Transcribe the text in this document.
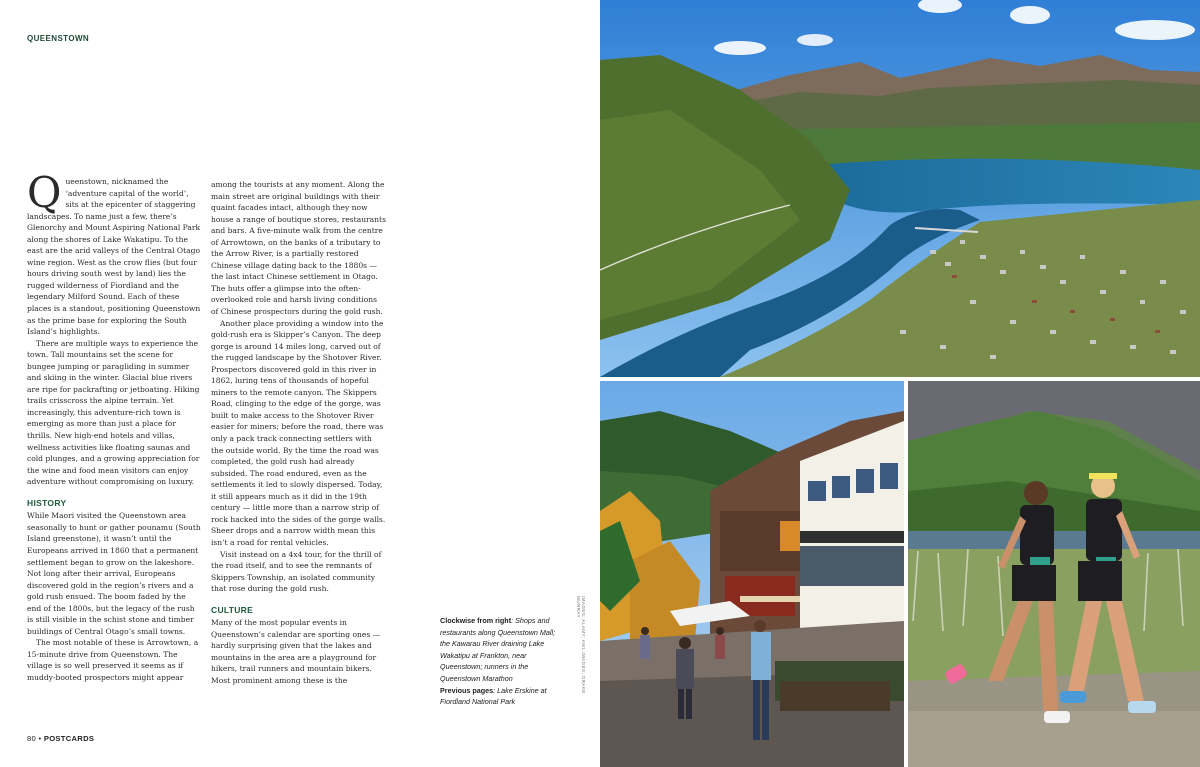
QUEENSTOWN

Queenstown, nicknamed the ‘adventure capital of the world’, sits at the epicenter of staggering landscapes. To name just a few, there’s Glenorchy and Mount Aspiring National Park along the shores of Lake Wakatipu. To the east are the arid valleys of the Central Otago wine region. West as the crow flies (but four hours driving south west by land) lies the rugged wilderness of Fiordland and the legendary Milford Sound. Each of these places is a standout, positioning Queenstown as the prime base for exploring the South Island’s highlights.

There are multiple ways to experience the town. Tall mountains set the scene for bungee jumping or paragliding in summer and skiing in the winter. Glacial blue rivers are ripe for packrafting or jetboating. Hiking trails crisscross the alpine terrain. Yet increasingly, this adventure-rich town is emerging as more than just a place for thrills. New high-end hotels and villas, wellness activities like floating saunas and cold plunges, and a growing appreciation for the wine and food mean visitors can enjoy adventure without compromising on luxury.

HISTORY

While Maori visited the Queenstown area seasonally to hunt or gather pounamu (South Island greenstone), it wasn’t until the Europeans arrived in 1860 that a permanent settlement began to grow on the lakeshore. Not long after their arrival, Europeans discovered gold in the region’s rivers and a gold rush ensued. The boom faded by the end of the 1800s, but the legacy of the rush is still visible in the schist stone and timber buildings of Central Otago’s small towns.

The most notable of these is Arrowtown, a 15-minute drive from Queenstown. The village is so well preserved it seems as if muddy-booted prospectors might appear

among the tourists at any moment. Along the main street are original buildings with their quaint facades intact, although they now house a range of boutique stores, restaurants and bars. A five-minute walk from the centre of Arrowtown, on the banks of a tributary to the Arrow River, is a partially restored Chinese village dating back to the 1880s — the last intact Chinese settlement in Otago. The huts offer a glimpse into the often-overlooked role and harsh living conditions of Chinese prospectors during the gold rush.

Another place providing a window into the gold-rush era is Skipper’s Canyon. The deep gorge is around 14 miles long, carved out of the rugged landscape by the Shotover River. Prospectors discovered gold in this river in 1862, luring tens of thousands of hopeful miners to the remote canyon. The Skippers Road, clinging to the edge of the gorge, was built to make access to the Shotover River easier for miners; before the road, there was only a pack track connecting settlers with the outside world. By the time the road was completed, the gold rush had already subsided. The road endured, even as the settlements it led to slowly dispersed. Today, it still appears much as it did in the 19th century — little more than a narrow strip of rock hacked into the sides of the gorge walls. Sheer drops and a narrow width mean this isn’t a road for rental vehicles.

Visit instead on a 4x4 tour, for the thrill of the road itself, and to see the remnants of Skippers Township, an isolated community that rose during the gold rush.

CULTURE

Many of the most popular events in Queenstown’s calendar are sporting ones — hardly surprising given that the lakes and mountains in the area are a playground for hikers, trail runners and mountain bikers. Most prominent among these is the

Clockwise from right: Shops and restaurants along Queenstown Mall; the Kawarau River draining Lake Wakatipu at Frankton, near Queenstown; runners in the Queenstown Marathon
Previous pages: Lake Erskine at Fiordland National Park
IMAGES: ALAMY; AWL IMAGES; DRAKE MURRAY
80 • POSTCARDS
